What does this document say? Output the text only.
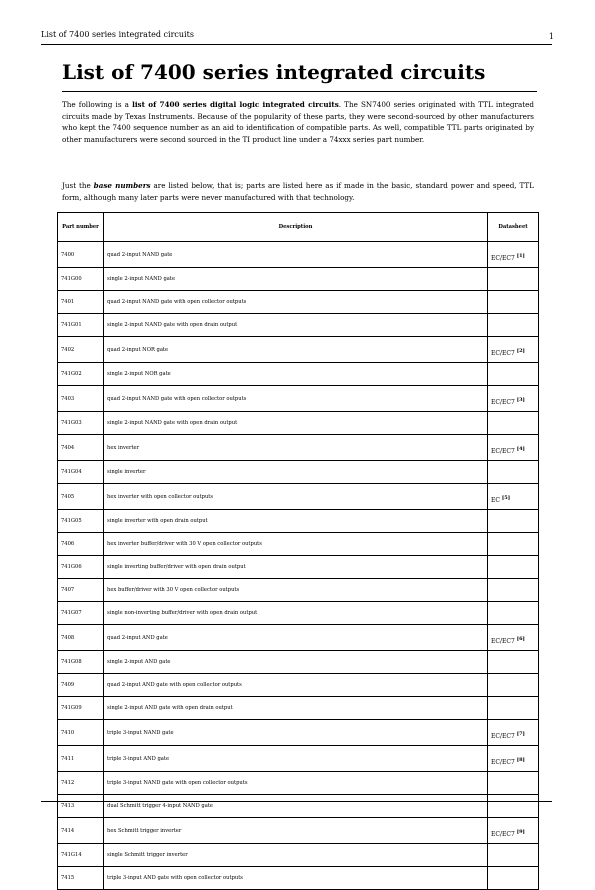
List of 7400 series integrated circuits	1
List of 7400 series integrated circuits

The following is a list of 7400 series digital logic integrated circuits. The SN7400 series originated with TTL integrated circuits made by Texas Instruments. Because of the popularity of these parts, they were second-sourced by other manufacturers who kept the 7400 sequence number as an aid to identification of compatible parts. As well, compatible TTL parts originated by other manufacturers were second sourced in the TI product line under a 74xxx series part number.

Just the base numbers are listed below, that is; parts are listed here as if made in the basic, standard power and speed, TTL form, although many later parts were never manufactured with that technology.

Part number	Description	Datasheet
7400	quad 2-input NAND gate	EC/EC7 [1]
741G00	single 2-input NAND gate	
7401	quad 2-input NAND gate with open collector outputs	
741G01	single 2-input NAND gate with open drain output	
7402	quad 2-input NOR gate	EC/EC7 [2]
741G02	single 2-input NOR gate	
7403	quad 2-input NAND gate with open collector outputs	EC/EC7 [3]
741G03	single 2-input NAND gate with open drain output	
7404	hex inverter	EC/EC7 [4]
741G04	single inverter	
7405	hex inverter with open collector outputs	EC [5]
741G05	single inverter with open drain output	
7406	hex inverter buffer/driver with 30 V open collector outputs	
741G06	single inverting buffer/driver with open drain output	
7407	hex buffer/driver with 30 V open collector outputs	
741G07	single non-inverting buffer/driver with open drain output	
7408	quad 2-input AND gate	EC/EC7 [6]
741G08	single 2-input AND gate	
7409	quad 2-input AND gate with open collector outputs	
741G09	single 2-input AND gate with open drain output	
7410	triple 3-input NAND gate	EC/EC7 [7]
7411	triple 3-input AND gate	EC/EC7 [8]
7412	triple 3-input NAND gate with open collector outputs	
7413	dual Schmitt trigger 4-input NAND gate	
7414	hex Schmitt trigger inverter	EC/EC7 [9]
741G14	single Schmitt trigger inverter	
7415	triple 3-input AND gate with open collector outputs	
